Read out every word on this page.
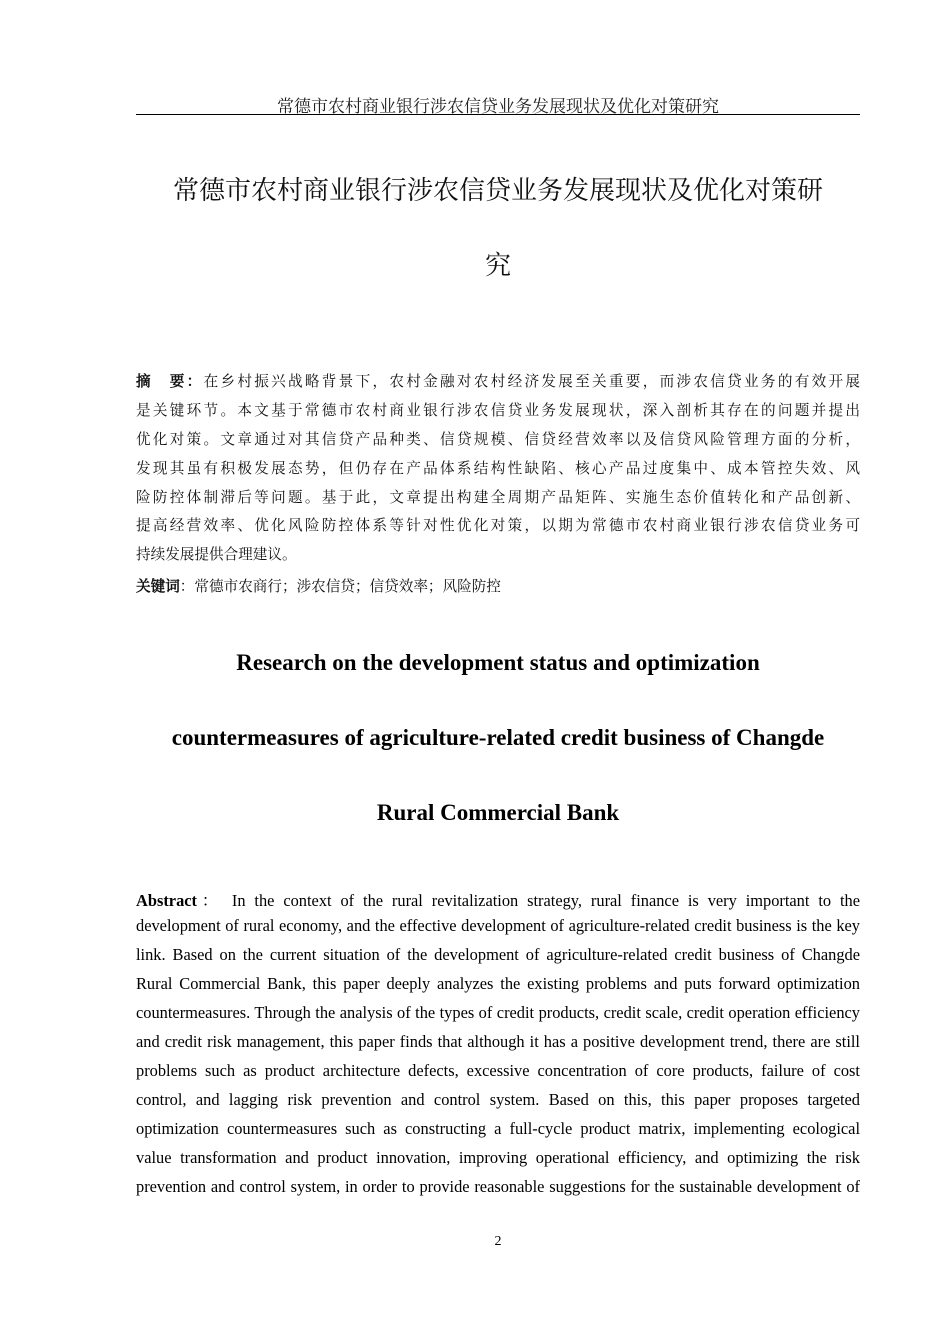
常德市农村商业银行涉农信贷业务发展现状及优化对策研究
常德市农村商业银行涉农信贷业务发展现状及优化对策研
究
摘　要：在乡村振兴战略背景下，农村金融对农村经济发展至关重要，而涉农信贷业务的有效开展
是关键环节。本文基于常德市农村商业银行涉农信贷业务发展现状，深入剖析其存在的问题并提出
优化对策。文章通过对其信贷产品种类、信贷规模、信贷经营效率以及信贷风险管理方面的分析，
发现其虽有积极发展态势，但仍存在产品体系结构性缺陷、核心产品过度集中、成本管控失效、风
险防控体制滞后等问题。基于此，文章提出构建全周期产品矩阵、实施生态价值转化和产品创新、
提高经营效率、优化风险防控体系等针对性优化对策，以期为常德市农村商业银行涉农信贷业务可
持续发展提供合理建议。
关键词：常德市农商行；涉农信贷；信贷效率；风险防控
Research on the development status and optimization
countermeasures of agriculture-related credit business of Changde
Rural Commercial Bank
Abstract： In the context of the rural revitalization strategy, rural finance is very important to the
development of rural economy, and the effective development of agriculture-related credit business is the key
link. Based on the current situation of the development of agriculture-related credit business of Changde
Rural Commercial Bank, this paper deeply analyzes the existing problems and puts forward optimization
countermeasures. Through the analysis of the types of credit products, credit scale, credit operation efficiency
and credit risk management, this paper finds that although it has a positive development trend, there are still
problems such as product architecture defects, excessive concentration of core products, failure of cost
control, and lagging risk prevention and control system. Based on this, this paper proposes targeted
optimization countermeasures such as constructing a full-cycle product matrix, implementing ecological
value transformation and product innovation, improving operational efficiency, and optimizing the risk
prevention and control system, in order to provide reasonable suggestions for the sustainable development of
2
